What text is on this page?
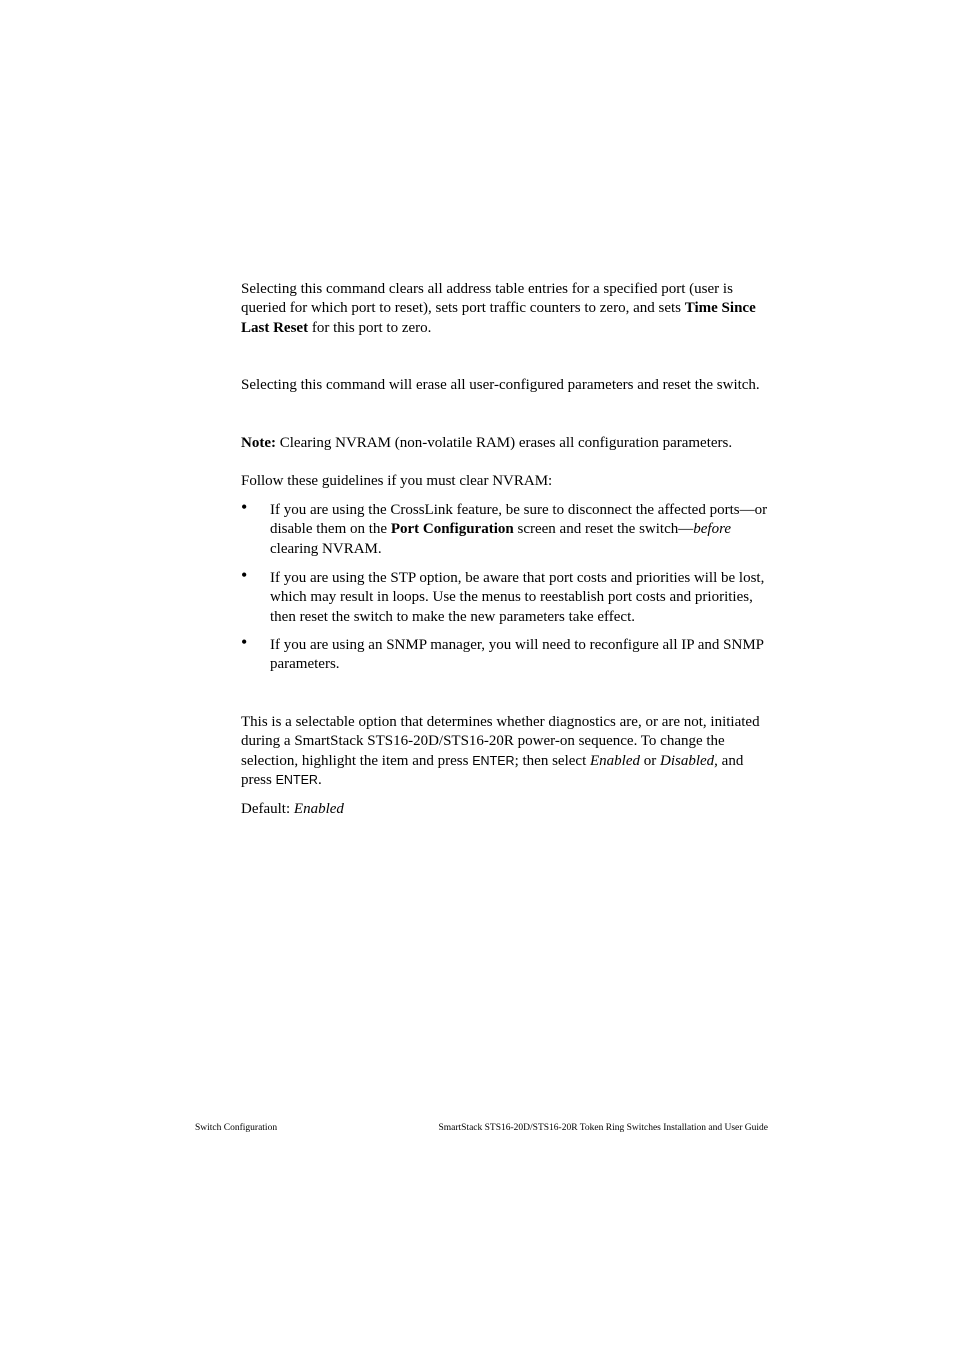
Selecting this command clears all address table entries for a specified port (user is queried for which port to reset), sets port traffic counters to zero, and sets Time Since Last Reset for this port to zero.

Selecting this command will erase all user-configured parameters and reset the switch.

Note: Clearing NVRAM (non-volatile RAM) erases all configuration parameters.

Follow these guidelines if you must clear NVRAM:

• If you are using the CrossLink feature, be sure to disconnect the affected ports—or disable them on the Port Configuration screen and reset the switch—before clearing NVRAM.
• If you are using the STP option, be aware that port costs and priorities will be lost, which may result in loops. Use the menus to reestablish port costs and priorities, then reset the switch to make the new parameters take effect.
• If you are using an SNMP manager, you will need to reconfigure all IP and SNMP parameters.

This is a selectable option that determines whether diagnostics are, or are not, initiated during a SmartStack STS16-20D/STS16-20R power-on sequence. To change the selection, highlight the item and press ENTER; then select Enabled or Disabled, and press ENTER.

Default: Enabled

Switch Configuration	SmartStack STS16-20D/STS16-20R Token Ring Switches Installation and User Guide
